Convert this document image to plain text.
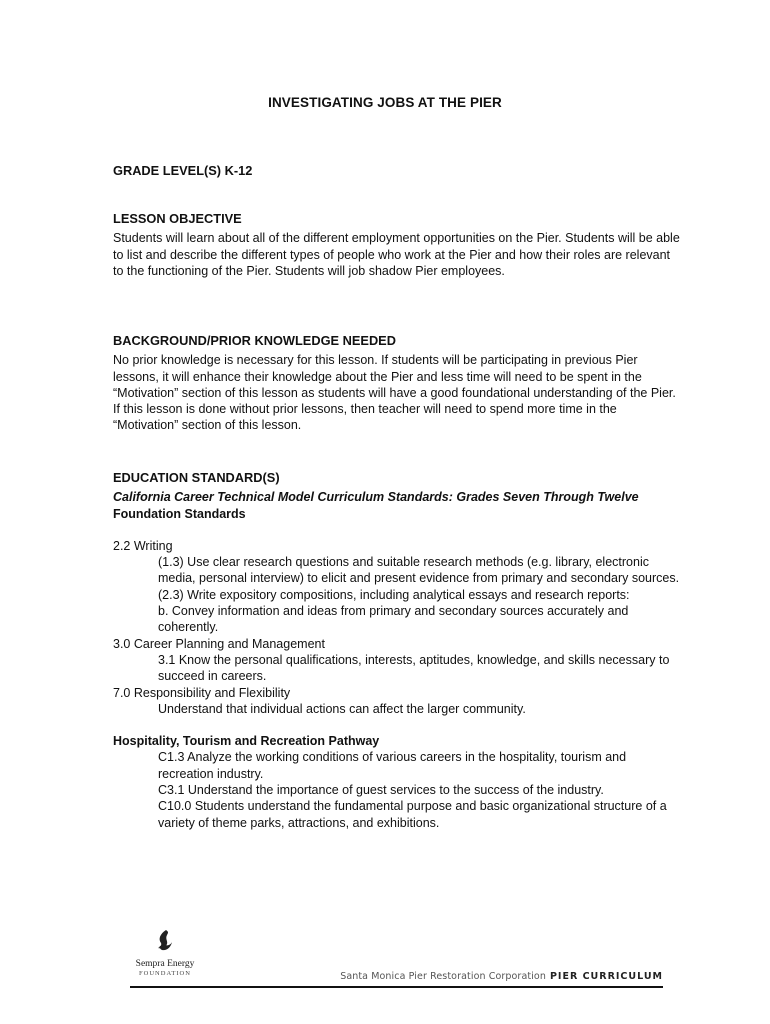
INVESTIGATING JOBS AT THE PIER

GRADE LEVEL(S) K-12

LESSON OBJECTIVE

Students will learn about all of the different employment opportunities on the Pier. Students will be able to list and describe the different types of people who work at the Pier and how their roles are relevant to the functioning of the Pier. Students will job shadow Pier employees.

BACKGROUND/PRIOR KNOWLEDGE NEEDED

No prior knowledge is necessary for this lesson. If students will be participating in previous Pier lessons, it will enhance their knowledge about the Pier and less time will need to be spent in the “Motivation” section of this lesson as students will have a good foundational understanding of the Pier. If this lesson is done without prior lessons, then teacher will need to spend more time in the “Motivation” section of this lesson.

EDUCATION STANDARD(S)

California Career Technical Model Curriculum Standards: Grades Seven Through Twelve

Foundation Standards

2.2 Writing

(1.3) Use clear research questions and suitable research methods (e.g. library, electronic media, personal interview) to elicit and present evidence from primary and secondary sources.

(2.3) Write expository compositions, including analytical essays and research reports:

b. Convey information and ideas from primary and secondary sources accurately and coherently.

3.0 Career Planning and Management

3.1 Know the personal qualifications, interests, aptitudes, knowledge, and skills necessary to succeed in careers.

7.0 Responsibility and Flexibility

Understand that individual actions can affect the larger community.

Hospitality, Tourism and Recreation Pathway

C1.3 Analyze the working conditions of various careers in the hospitality, tourism and recreation industry.

C3.1 Understand the importance of guest services to the success of the industry.

C10.0 Students understand the fundamental purpose and basic organizational structure of a variety of theme parks, attractions, and exhibitions.

Sempra Energy
FOUNDATION	Santa Monica Pier Restoration Corporation PIER CURRICULUM
